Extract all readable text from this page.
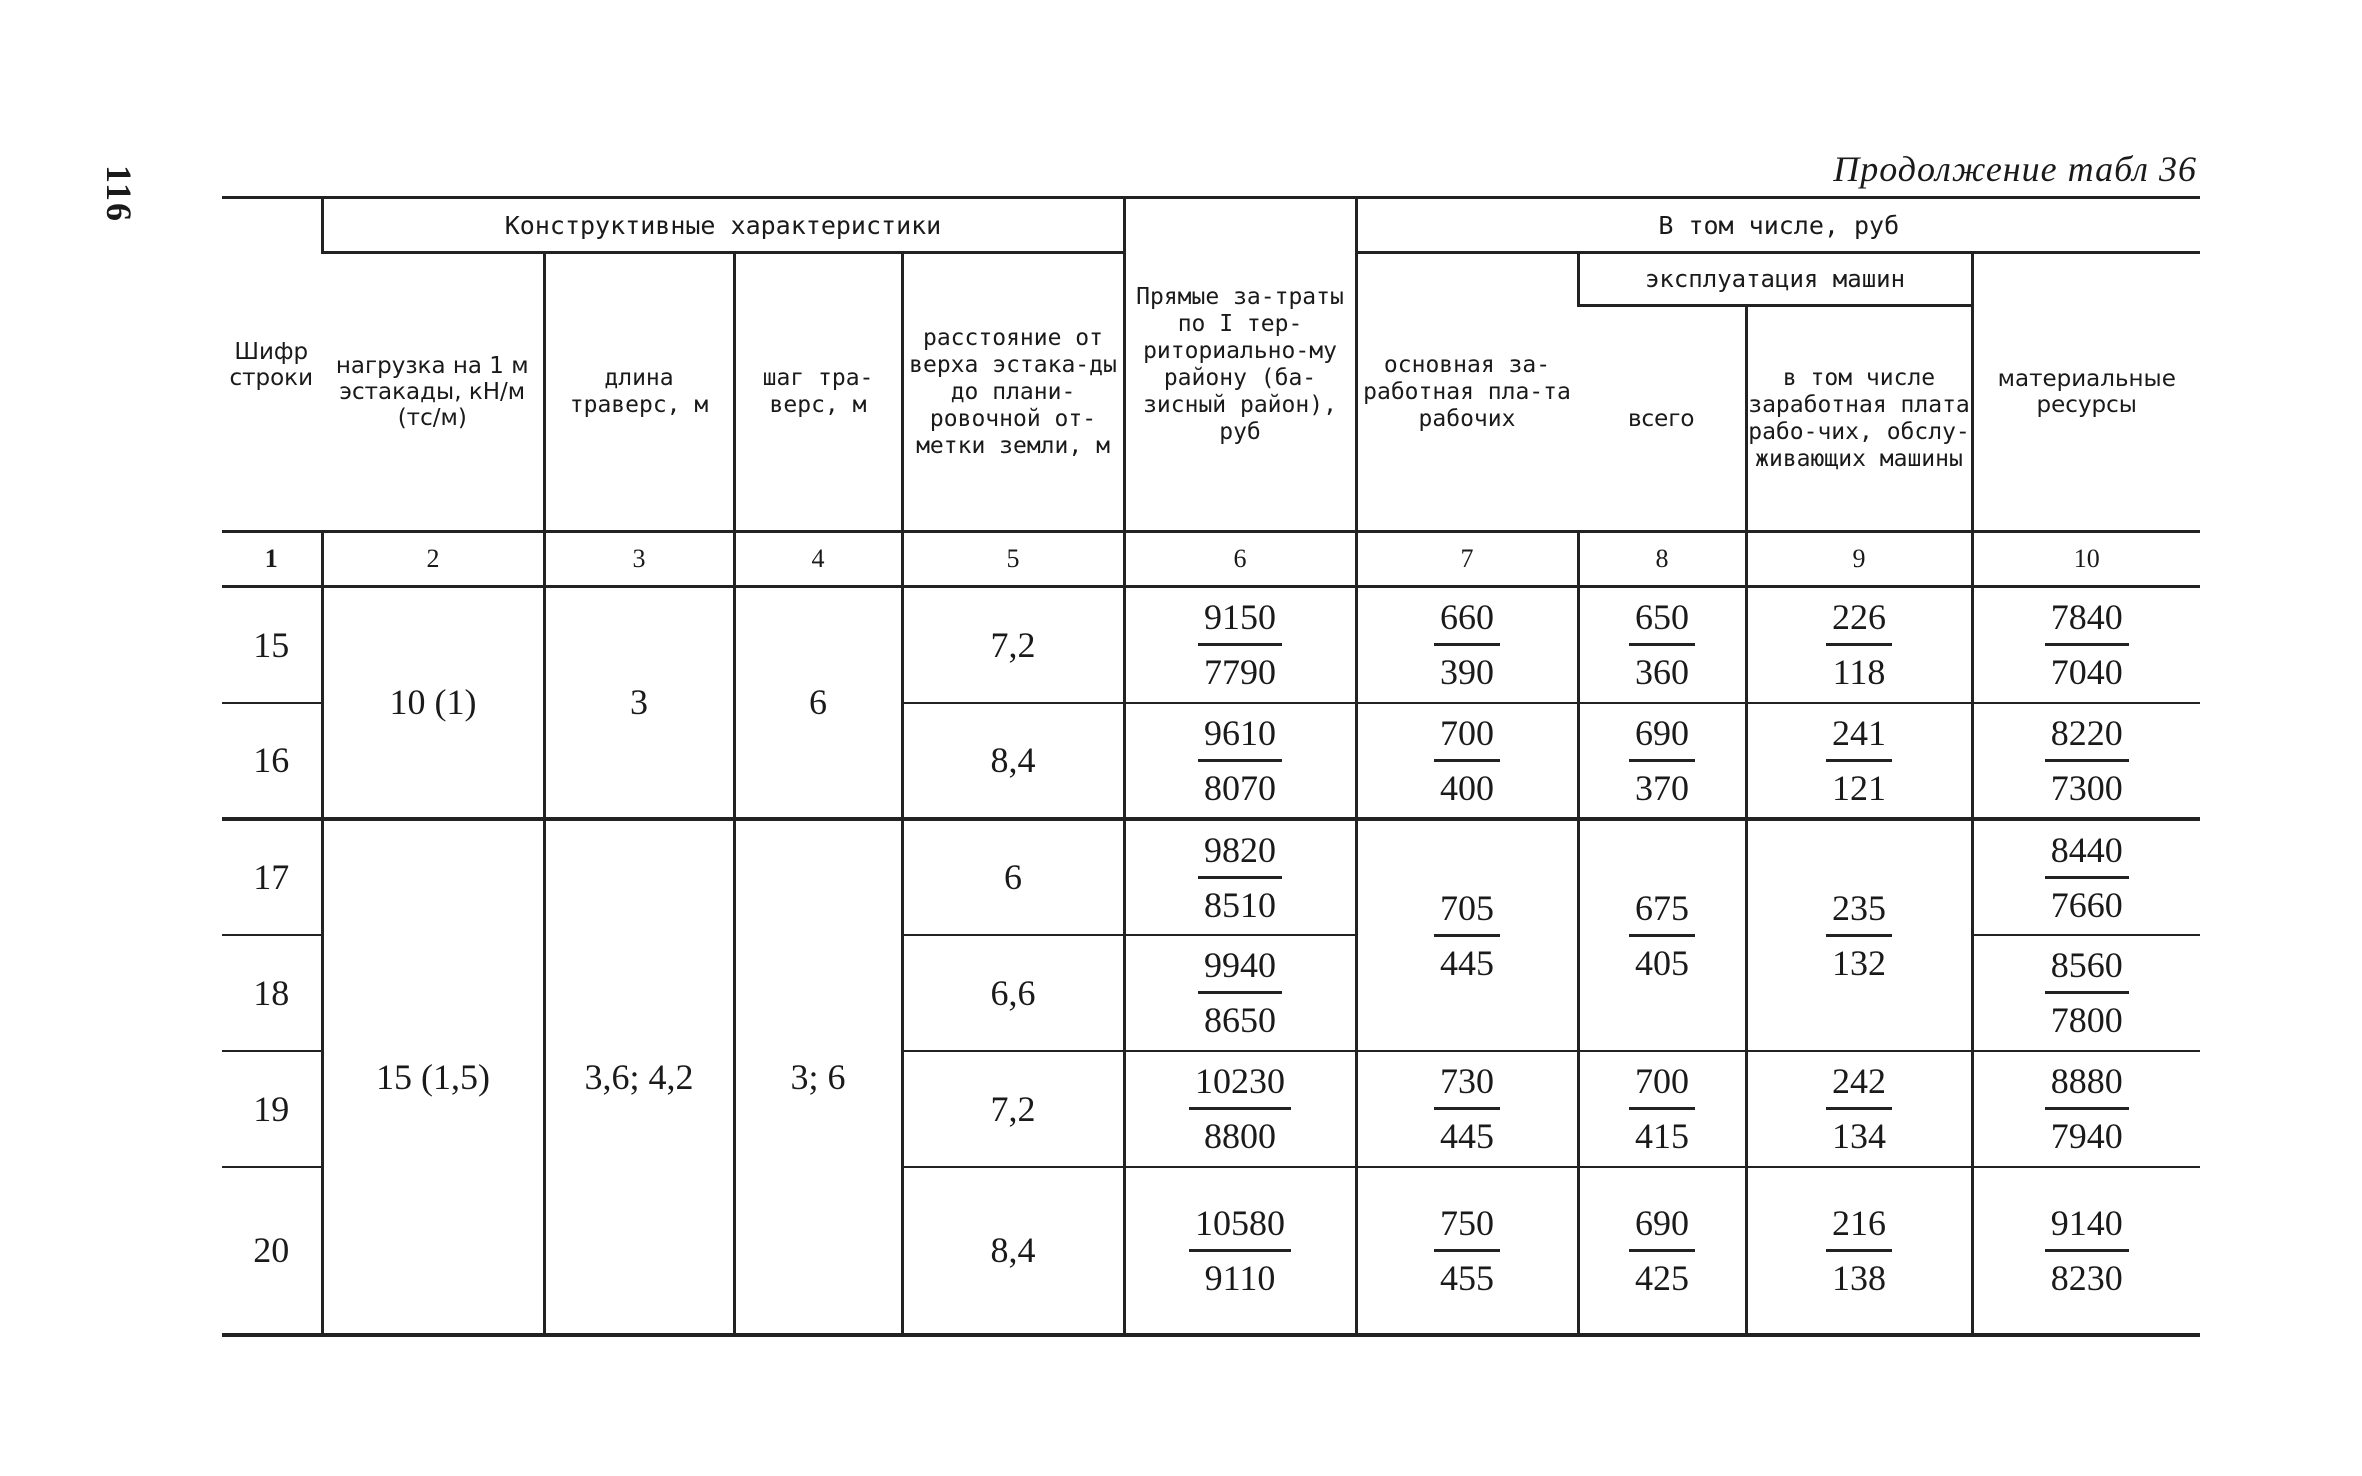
116	Продолжение табл 36
Шифр строки	Конструктивные характеристики				Прямые за-траты по I тер-риториально-му району (ба-зисный район), руб	В том числе, руб			
	нагрузка на 1 м эстакады, кН/м (тс/м)	длина траверс, м	шаг тра-верс, м	расстояние от верха эстака-ды до плани-ровочной от-метки земли, м		основная за-работная пла-та рабочих	эксплуатация машин		материальные ресурсы
							всего	в том числе заработная плата рабо-чих, обслу-живающих машины	
1	2	3	4	5	6	7	8	9	10
15	10 (1)	3	6	7,2	$\frac{9150}{7790}$	$\frac{660}{390}$	$\frac{650}{360}$	$\frac{226}{118}$	$\frac{7840}{7040}$

16				8,4	$\frac{9610}{8070}$	$\frac{700}{400}$	$\frac{690}{370}$	$\frac{241}{121}$	$\frac{8220}{7300}$

17	15 (1,5)	3,6; 4,2	3; 6	6	$\frac{9820}{8510}$	$\frac{705}{445}$	$\frac{675}{405}$	$\frac{235}{132}$	$\frac{8440}{7660}$

18				6,6	$\frac{9940}{8650}$				$\frac{8560}{7800}$

19				7,2	$\frac{10230}{8800}$	$\frac{730}{445}$	$\frac{700}{415}$	$\frac{242}{134}$	$\frac{8880}{7940}$

20				8,4	$\frac{10580}{9110}$	$\frac{750}{455}$	$\frac{690}{425}$	$\frac{216}{138}$	$\frac{9140}{8230}$
